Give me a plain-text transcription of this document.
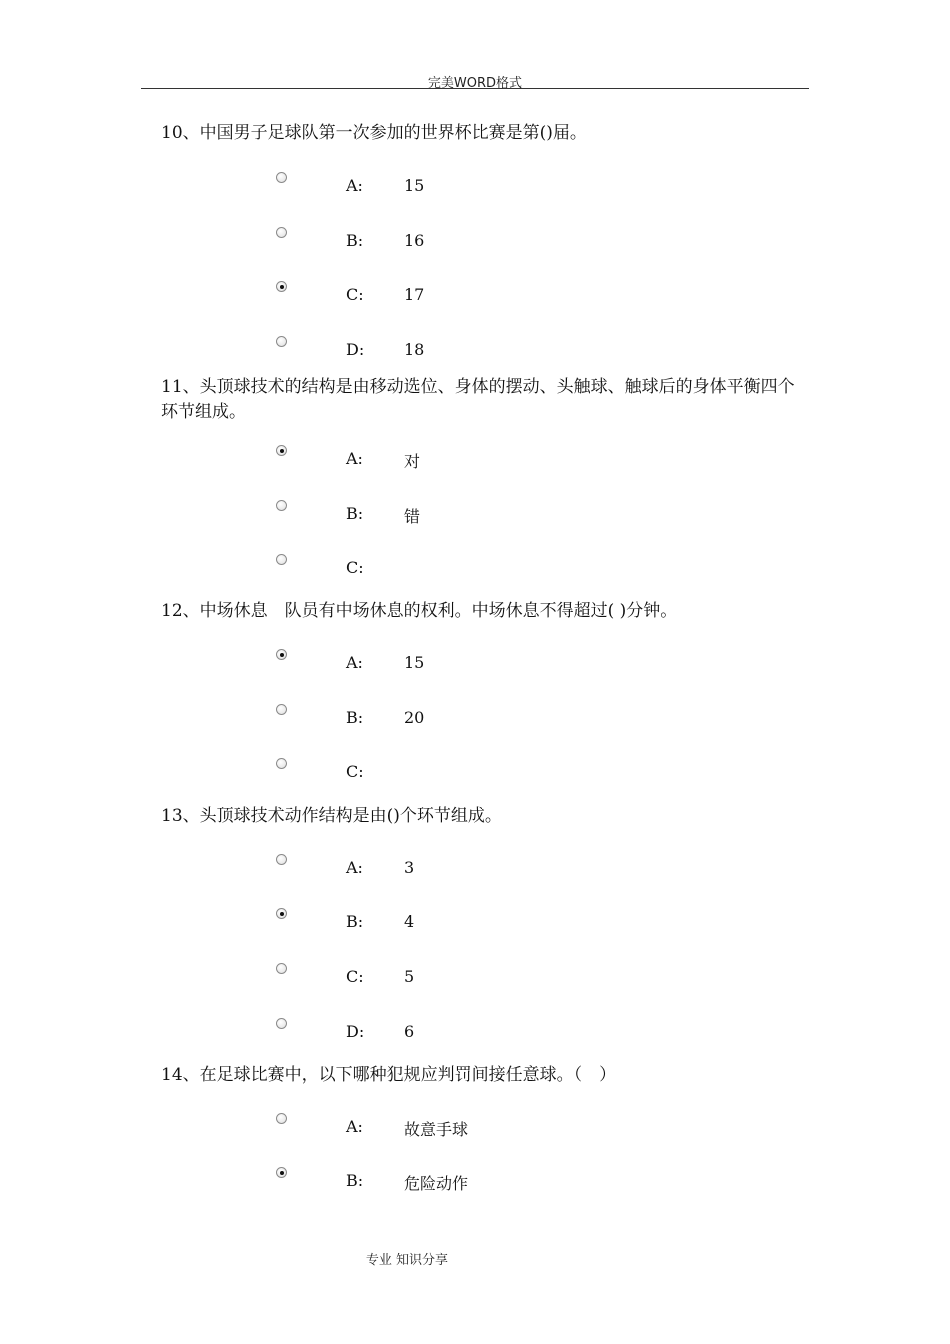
完美WORD格式
10、中国男子足球队第一次参加的世界杯比赛是第()届。
A:	15
B:	16
C:	17
D: 18
11、头顶球技术的结构是由移动选位、身体的摆动、头触球、触球后的身体平衡四个环节组成。
A:	对
B:	错
C:
12、中场休息　队员有中场休息的权利。中场休息不得超过( )分钟。
A:	15
B:	20
C:
13、头顶球技术动作结构是由()个环节组成。
A:	3
B:	4
C:	5
D: 6
14、在足球比赛中，以下哪种犯规应判罚间接任意球。（　）
A:	故意手球
B:	危险动作
专业 知识分享
